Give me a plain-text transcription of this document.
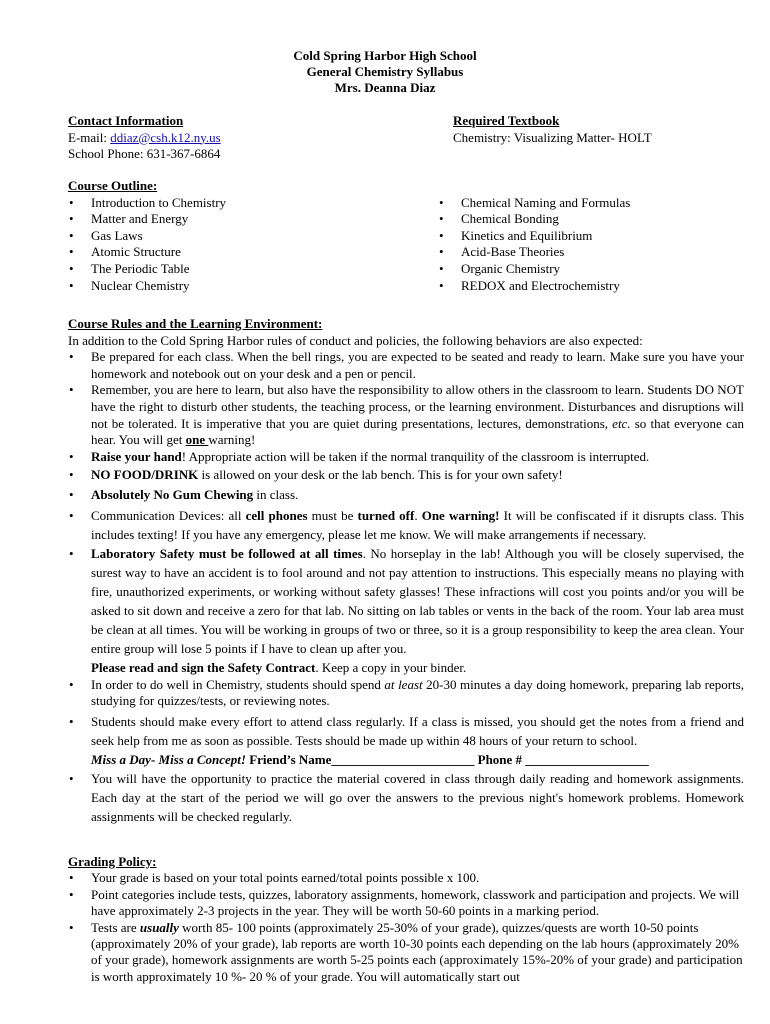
Cold Spring Harbor High School
General Chemistry Syllabus
Mrs. Deanna Diaz
Contact Information
E-mail: ddiaz@csh.k12.ny.us
School Phone: 631-367-6864
Required Textbook
Chemistry: Visualizing Matter- HOLT
Course Outline:
• Introduction to Chemistry
• Matter and Energy
• Gas Laws
• Atomic Structure
• The Periodic Table
• Nuclear Chemistry
• Chemical Naming and Formulas
• Chemical Bonding
• Kinetics and Equilibrium
• Acid-Base Theories
• Organic Chemistry
• REDOX and Electrochemistry
Course Rules and the Learning Environment:
In addition to the Cold Spring Harbor rules of conduct and policies, the following behaviors are also expected:
• Be prepared for each class. When the bell rings, you are expected to be seated and ready to learn. Make sure you have your homework and notebook out on your desk and a pen or pencil.
• Remember, you are here to learn, but also have the responsibility to allow others in the classroom to learn. Students DO NOT have the right to disturb other students, the teaching process, or the learning environment. Disturbances and disruptions will not be tolerated. It is imperative that you are quiet during presentations, lectures, demonstrations, etc. so that everyone can hear. You will get one warning!
• Raise your hand! Appropriate action will be taken if the normal tranquility of the classroom is interrupted.
• NO FOOD/DRINK is allowed on your desk or the lab bench. This is for your own safety!
• Absolutely No Gum Chewing in class.
• Communication Devices: all cell phones must be turned off. One warning! It will be confiscated if it disrupts class. This includes texting! If you have any emergency, please let me know. We will make arrangements if necessary.
• Laboratory Safety must be followed at all times. No horseplay in the lab! Although you will be closely supervised, the surest way to have an accident is to fool around and not pay attention to instructions. This especially means no playing with fire, unauthorized experiments, or working without safety glasses! These infractions will cost you points and/or you will be asked to sit down and receive a zero for that lab. No sitting on lab tables or vents in the back of the room. Your lab area must be clean at all times. You will be working in groups of two or three, so it is a group responsibility to keep the area clean. Your entire group will lose 5 points if I have to clean up after you.
Please read and sign the Safety Contract. Keep a copy in your binder.
• In order to do well in Chemistry, students should spend at least 20-30 minutes a day doing homework, preparing lab reports, studying for quizzes/tests, or reviewing notes.
• Students should make every effort to attend class regularly. If a class is missed, you should get the notes from a friend and seek help from me as soon as possible. Tests should be made up within 48 hours of your return to school.
Miss a Day- Miss a Concept! Friend’s Name______________________ Phone # ___________________
• You will have the opportunity to practice the material covered in class through daily reading and homework assignments. Each day at the start of the period we will go over the answers to the previous night's homework problems. Homework assignments will be checked regularly.
Grading Policy:
• Your grade is based on your total points earned/total points possible x 100.
• Point categories include tests, quizzes, laboratory assignments, homework, classwork and participation and projects. We will have approximately 2-3 projects in the year. They will be worth 50-60 points in a marking period.
• Tests are usually worth 85- 100 points (approximately 25-30% of your grade), quizzes/quests are worth 10-50 points (approximately 20% of your grade), lab reports are worth 10-30 points each depending on the lab hours (approximately 20% of your grade), homework assignments are worth 5-25 points each (approximately 15%-20% of your grade) and participation is worth approximately 10 %- 20 % of your grade. You will automatically start out
